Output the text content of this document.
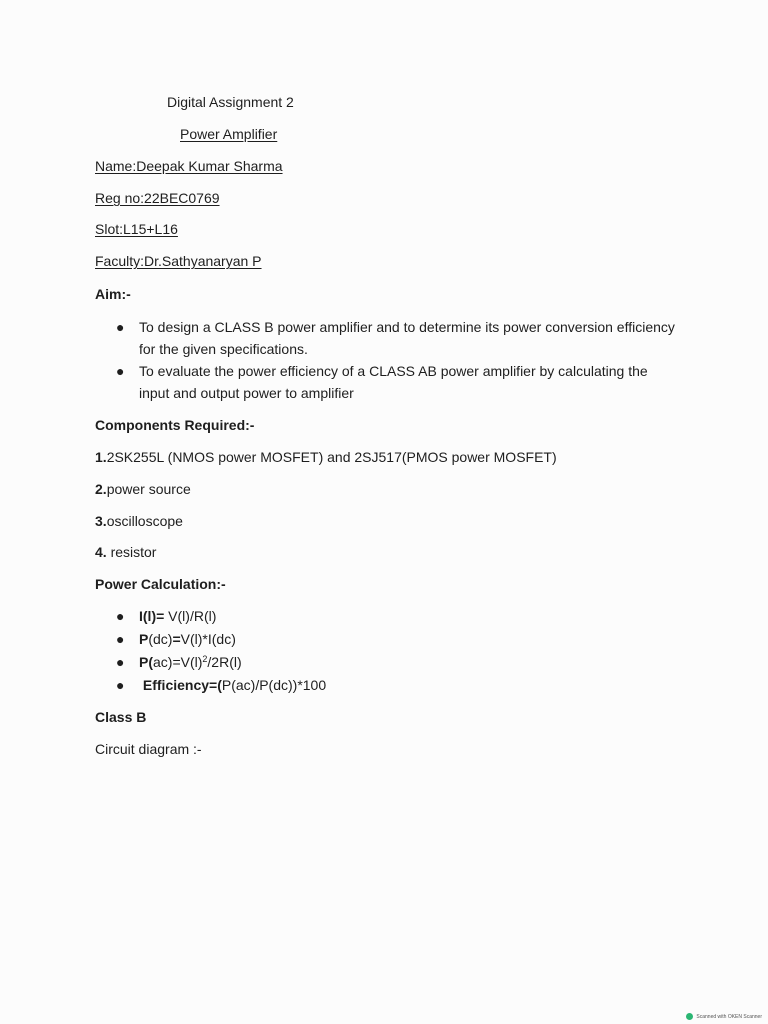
Digital Assignment 2
Power Amplifier
Name:Deepak Kumar Sharma
Reg no:22BEC0769
Slot:L15+L16
Faculty:Dr.Sathyanaryan P
Aim:-
● To design a CLASS B power amplifier and to determine its power conversion efficiency for the given specifications.
● To evaluate the power efficiency of a CLASS AB power amplifier by calculating the input and output power to amplifier
Components Required:-
1.2SK255L (NMOS power MOSFET) and 2SJ517(PMOS power MOSFET)
2.power source
3.oscilloscope
4. resistor
Power Calculation:-
● I(l)= V(l)/R(l)
● P(dc)=V(l)*I(dc)
● $P(ac)=V(l)^2/2R(l)$
● Efficiency=(P(ac)/P(dc))*100
Class B
Circuit diagram :-
Scanned with OKEN Scanner
